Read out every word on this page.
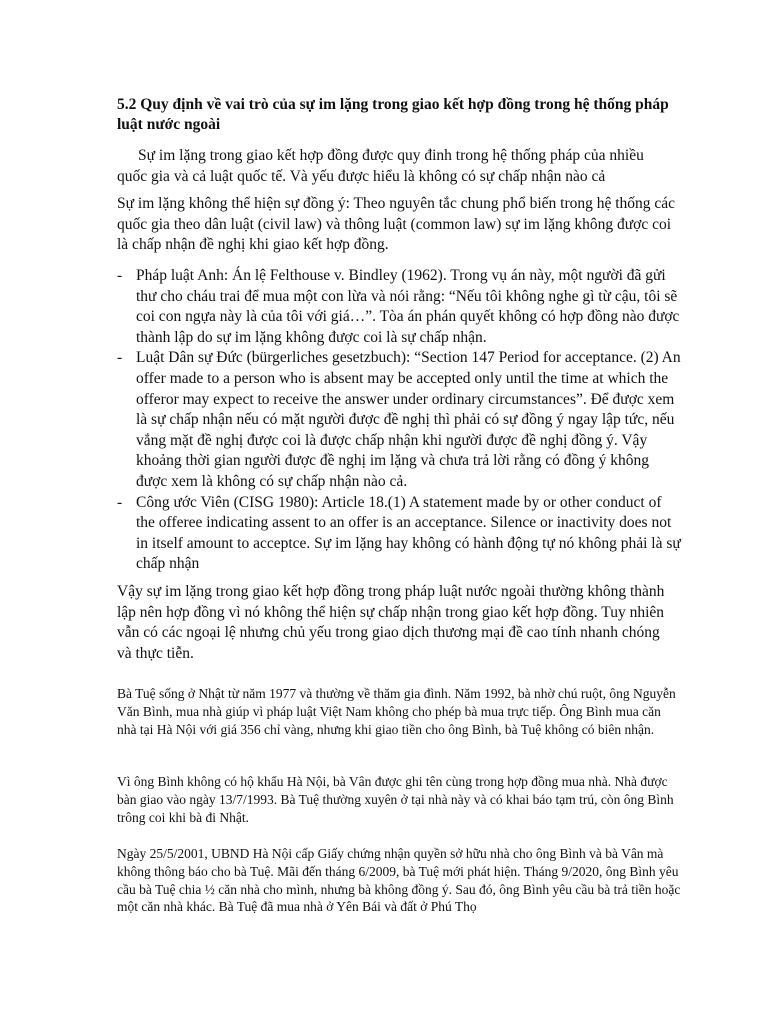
5.2 Quy định về vai trò của sự im lặng trong giao kết hợp đồng trong hệ thống pháp luật nước ngoài

Sự im lặng trong giao kết hợp đồng được quy đinh trong hệ thống pháp của nhiều quốc gia và cả luật quốc tế. Và yếu được hiểu là không có sự chấp nhận nào cả

Sự im lặng không thể hiện sự đồng ý: Theo nguyên tắc chung phổ biến trong hệ thống các quốc gia theo dân luật (civil law) và thông luật (common law) sự im lặng không được coi là chấp nhận đề nghị khi giao kết hợp đồng.

- Pháp luật Anh: Án lệ Felthouse v. Bindley (1962). Trong vụ án này, một người đã gửi thư cho cháu trai để mua một con lừa và nói rằng: “Nếu tôi không nghe gì từ cậu, tôi sẽ coi con ngựa này là của tôi với giá…”. Tòa án phán quyết không có hợp đồng nào được thành lập do sự im lặng không được coi là sự chấp nhận.
- Luật Dân sự Đức (bürgerliches gesetzbuch): “Section 147 Period for acceptance. (2) An offer made to a person who is absent may be accepted only until the time at which the offeror may expect to receive the answer under ordinary circumstances”. Để được xem là sự chấp nhận nếu có mặt người được đề nghị thì phải có sự đồng ý ngay lập tức, nếu vắng mặt đề nghị được coi là được chấp nhận khi người được đề nghị đồng ý. Vậy khoảng thời gian người được đề nghị im lặng và chưa trả lời rằng có đồng ý không được xem là không có sự chấp nhận nào cả.
- Công ước Viên (CISG 1980): Article 18.(1) A statement made by or other conduct of the offeree indicating assent to an offer is an acceptance. Silence or inactivity does not in itself amount to acceptce. Sự im lặng hay không có hành động tự nó không phải là sự chấp nhận

Vậy sự im lặng trong giao kết hợp đồng trong pháp luật nước ngoài thường không thành lập nên hợp đồng vì nó không thể hiện sự chấp nhận trong giao kết hợp đồng. Tuy nhiên vẫn có các ngoại lệ nhưng chủ yếu trong giao dịch thương mại đề cao tính nhanh chóng và thực tiễn.

Bà Tuệ sống ở Nhật từ năm 1977 và thường về thăm gia đình. Năm 1992, bà nhờ chú ruột, ông Nguyễn Văn Bình, mua nhà giúp vì pháp luật Việt Nam không cho phép bà mua trực tiếp. Ông Bình mua căn nhà tại Hà Nội với giá 356 chỉ vàng, nhưng khi giao tiền cho ông Bình, bà Tuệ không có biên nhận.

Vì ông Bình không có hộ khẩu Hà Nội, bà Vân được ghi tên cùng trong hợp đồng mua nhà. Nhà được bàn giao vào ngày 13/7/1993. Bà Tuệ thường xuyên ở tại nhà này và có khai báo tạm trú, còn ông Bình trông coi khi bà đi Nhật.

Ngày 25/5/2001, UBND Hà Nội cấp Giấy chứng nhận quyền sở hữu nhà cho ông Bình và bà Vân mà không thông báo cho bà Tuệ. Mãi đến tháng 6/2009, bà Tuệ mới phát hiện. Tháng 9/2020, ông Bình yêu cầu bà Tuệ chia ½ căn nhà cho mình, nhưng bà không đồng ý. Sau đó, ông Bình yêu cầu bà trả tiền hoặc một căn nhà khác. Bà Tuệ đã mua nhà ở Yên Bái và đất ở Phú Thọ
